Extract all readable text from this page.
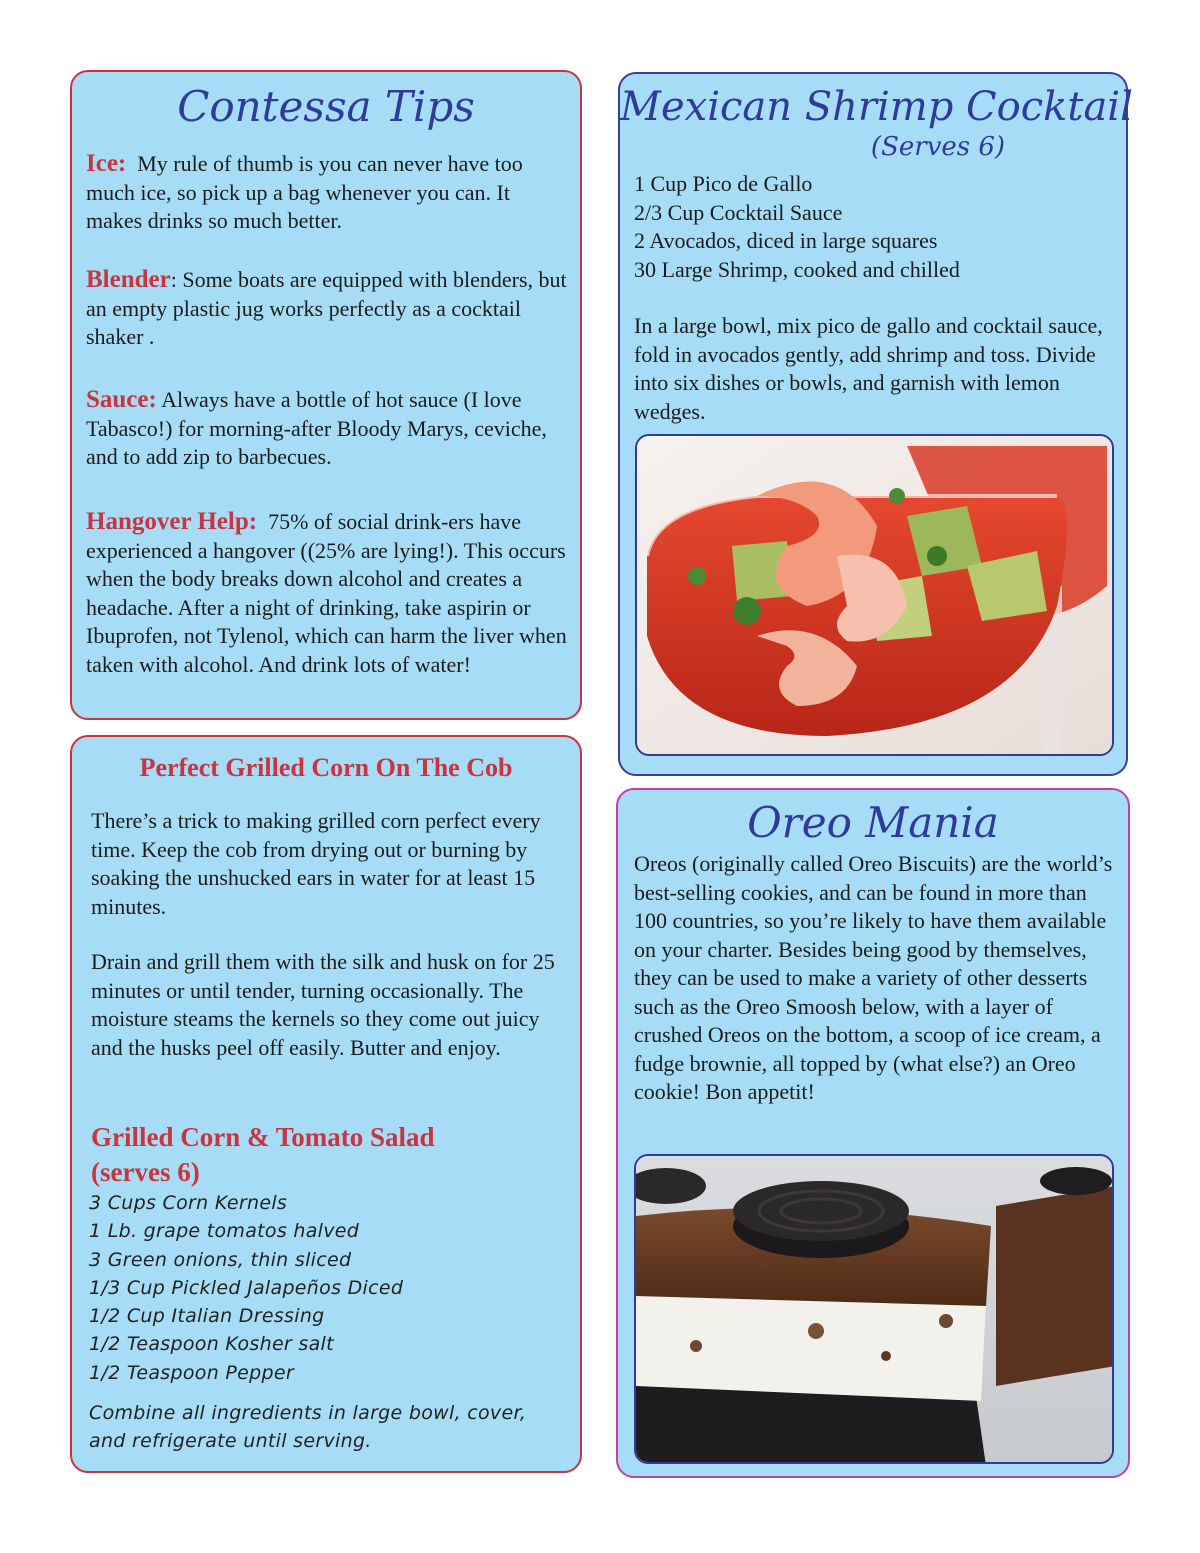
Contessa Tips

Ice: My rule of thumb is you can never have too much ice, so pick up a bag whenever you can. It makes drinks so much better.

Blender: Some boats are equipped with blenders, but an empty plastic jug works perfectly as a cocktail shaker .

Sauce: Always have a bottle of hot sauce (I love Tabasco!) for morning-after Bloody Marys, ceviche, and to add zip to barbecues.

Hangover Help: 75% of social drink-ers have experienced a hangover ((25% are lying!). This occurs when the body breaks down alcohol and creates a headache. After a night of drinking, take aspirin or Ibuprofen, not Tylenol, which can harm the liver when taken with alcohol. And drink lots of water!

Perfect Grilled Corn On The Cob

There’s a trick to making grilled corn perfect every time. Keep the cob from drying out or burning by soaking the unshucked ears in water for at least 15 minutes.

Drain and grill them with the silk and husk on for 25 minutes or until tender, turning occasionally. The moisture steams the kernels so they come out juicy and the husks peel off easily. Butter and enjoy.

Grilled Corn & Tomato Salad
(serves 6)
3 Cups Corn Kernels
1 Lb. grape tomatos halved
3 Green onions, thin sliced
1/3 Cup Pickled Jalapeños Diced
1/2 Cup Italian Dressing
1/2 Teaspoon Kosher salt
1/2 Teaspoon Pepper

Combine all ingredients in large bowl, cover, and refrigerate until serving.

Mexican Shrimp Cocktail
(Serves 6)
1 Cup Pico de Gallo
2/3 Cup Cocktail Sauce
2 Avocados, diced in large squares
30 Large Shrimp, cooked and chilled

In a large bowl, mix pico de gallo and cocktail sauce, fold in avocados gently, add shrimp and toss. Divide into six dishes or bowls, and garnish with lemon wedges.

Oreo Mania

Oreos (originally called Oreo Biscuits) are the world’s best-selling cookies, and can be found in more than 100 countries, so you’re likely to have them available on your charter. Besides being good by themselves, they can be used to make a variety of other desserts such as the Oreo Smoosh below, with a layer of crushed Oreos on the bottom, a scoop of ice cream, a fudge brownie, all topped by (what else?) an Oreo cookie! Bon appetit!
